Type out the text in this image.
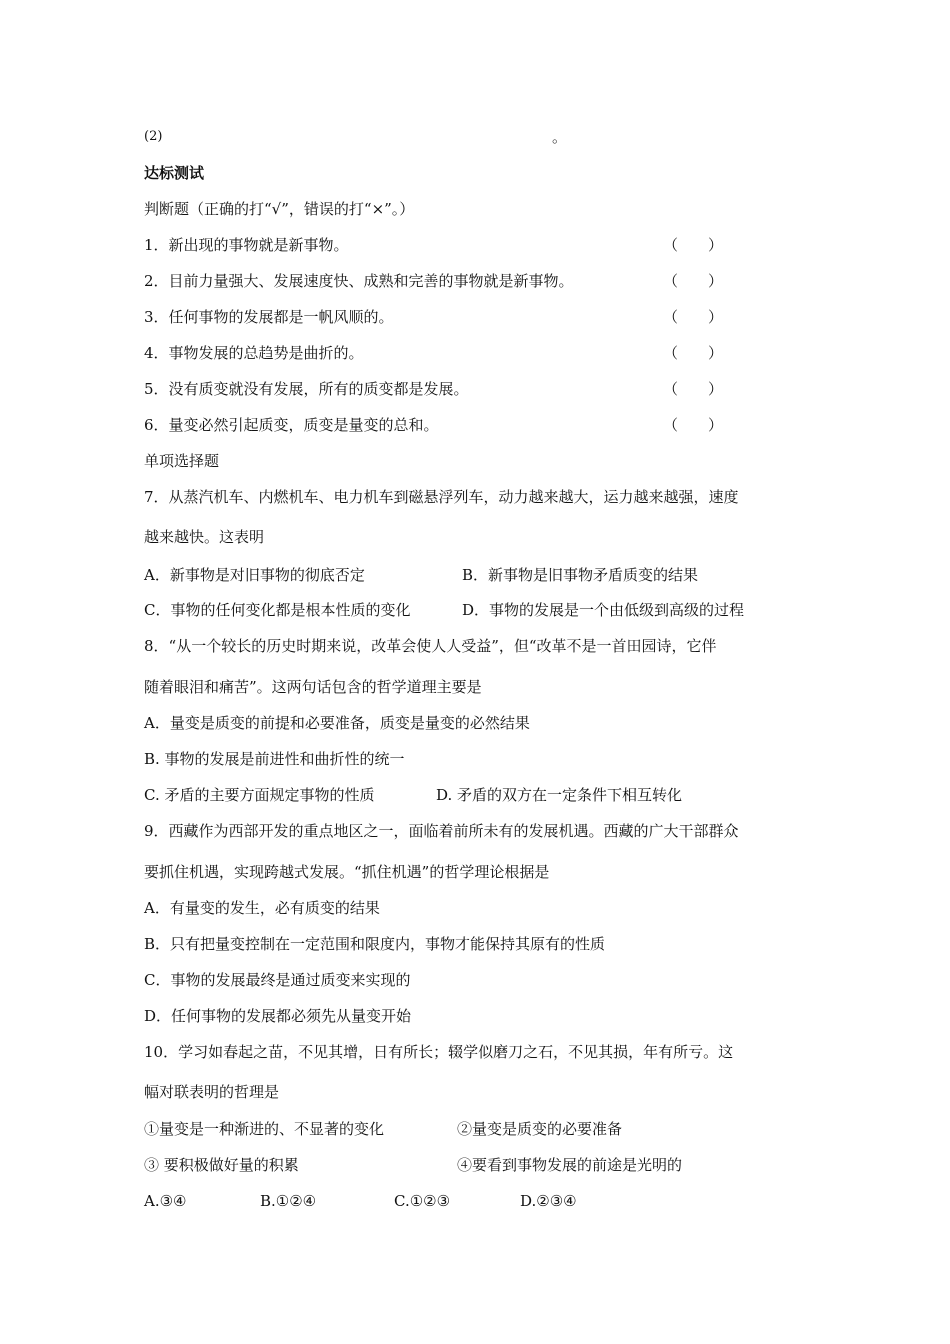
(2)	。
达标测试
判断题（正确的打“√”，错误的打“×”。）
1．新出现的事物就是新事物。	（　　）
2．目前力量强大、发展速度快、成熟和完善的事物就是新事物。	（　　）
3．任何事物的发展都是一帆风顺的。	（　　）
4．事物发展的总趋势是曲折的。	（　　）
5．没有质变就没有发展，所有的质变都是发展。	（　　）
6．量变必然引起质变，质变是量变的总和。	（　　）
单项选择题
7．从蒸汽机车、内燃机车、电力机车到磁悬浮列车，动力越来越大，运力越来越强，速度
越来越快。这表明
A．新事物是对旧事物的彻底否定	B．新事物是旧事物矛盾质变的结果
C．事物的任何变化都是根本性质的变化	D．事物的发展是一个由低级到高级的过程
8．“从一个较长的历史时期来说，改革会使人人受益”，但“改革不是一首田园诗，它伴
随着眼泪和痛苦”。这两句话包含的哲学道理主要是
A．量变是质变的前提和必要准备，质变是量变的必然结果
B. 事物的发展是前进性和曲折性的统一
C. 矛盾的主要方面规定事物的性质	D. 矛盾的双方在一定条件下相互转化
9．西藏作为西部开发的重点地区之一，面临着前所未有的发展机遇。西藏的广大干部群众
要抓住机遇，实现跨越式发展。“抓住机遇”的哲学理论根据是
A．有量变的发生，必有质变的结果
B．只有把量变控制在一定范围和限度内，事物才能保持其原有的性质
C．事物的发展最终是通过质变来实现的
D．任何事物的发展都必须先从量变开始
10．学习如春起之苗，不见其增，日有所长；辍学似磨刀之石，不见其损，年有所亏。这
幅对联表明的哲理是
①量变是一种渐进的、不显著的变化	②量变是质变的必要准备
③ 要积极做好量的积累	④要看到事物发展的前途是光明的
A.③④	B.①②④	C.①②③	D.②③④
